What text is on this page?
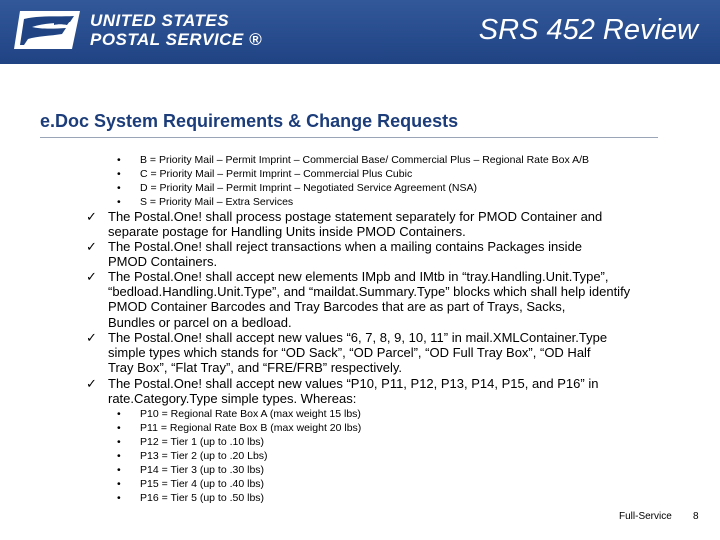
UNITED STATES
POSTAL SERVICE ®	SRS 452 Review
e.Doc System Requirements & Change Requests
•	B = Priority Mail – Permit Imprint – Commercial Base/ Commercial Plus – Regional Rate Box A/B
•	C = Priority Mail – Permit Imprint – Commercial Plus Cubic
•	D = Priority Mail – Permit Imprint – Negotiated Service Agreement (NSA)
•	S = Priority Mail – Extra Services
✓ The Postal.One! shall process postage statement separately for PMOD Container and
separate postage for Handling Units inside PMOD Containers.
✓ The Postal.One! shall reject transactions when a mailing contains Packages inside
PMOD Containers.
✓ The Postal.One! shall accept new elements IMpb and IMtb in “tray.Handling.Unit.Type”,
“bedload.Handling.Unit.Type”, and “maildat.Summary.Type” blocks which shall help identify
PMOD Container Barcodes and Tray Barcodes that are as part of Trays, Sacks,
Bundles or parcel on a bedload.
✓ The Postal.One! shall accept new values “6, 7, 8, 9, 10, 11” in mail.XMLContainer.Type
simple types which stands for “OD Sack”, “OD Parcel”, “OD Full Tray Box”, “OD Half
Tray Box”, “Flat Tray”, and “FRE/FRB” respectively.
✓ The Postal.One! shall accept new values “P10, P11, P12, P13, P14, P15, and P16” in
rate.Category.Type simple types. Whereas:
•	P10 = Regional Rate Box A (max weight 15 lbs)
•	P11 = Regional Rate Box B (max weight 20 lbs)
•	P12 = Tier 1 (up to .10 lbs)
•	P13 = Tier 2 (up to .20 Lbs)
•	P14 = Tier 3 (up to .30 lbs)
•	P15 = Tier 4 (up to .40 lbs)
•	P16 = Tier 5 (up to .50 lbs)
Full-Service 8
